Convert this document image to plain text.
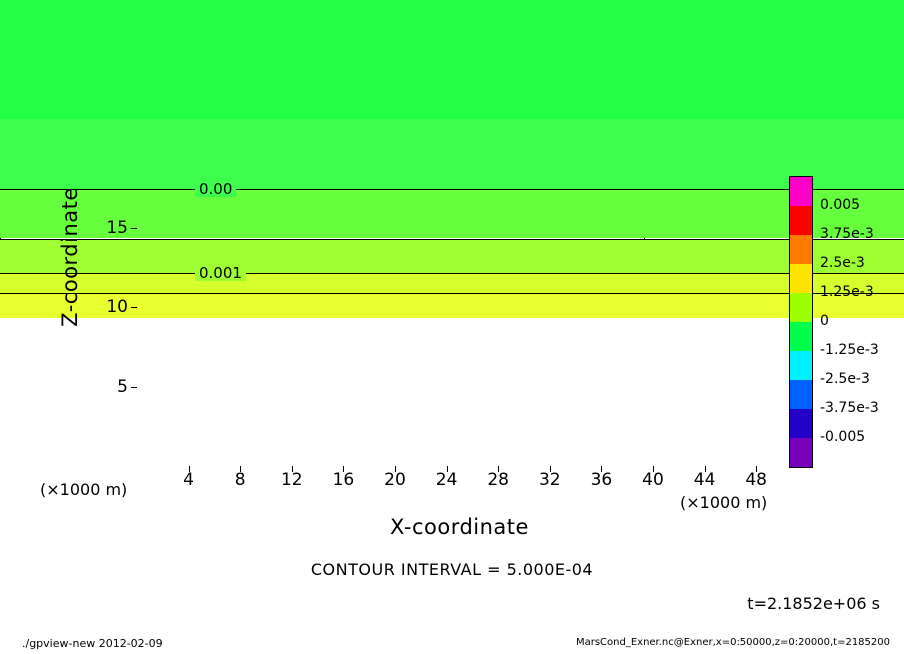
0.00
0.001
Z-coordinate
X-coordinate
(×1000 m)
(×1000 m)
4	8	12	16	20	24	28	32	36	40	44	48
5
10
15
0.005
3.75e-3
2.5e-3
1.25e-3
0
-1.25e-3
-2.5e-3
-3.75e-3
-0.005
CONTOUR INTERVAL = 5.000E-04
t=2.1852e+06 s
./gpview-new 2012-02-09	MarsCond_Exner.nc@Exner,x=0:50000,z=0:20000,t=2185200
